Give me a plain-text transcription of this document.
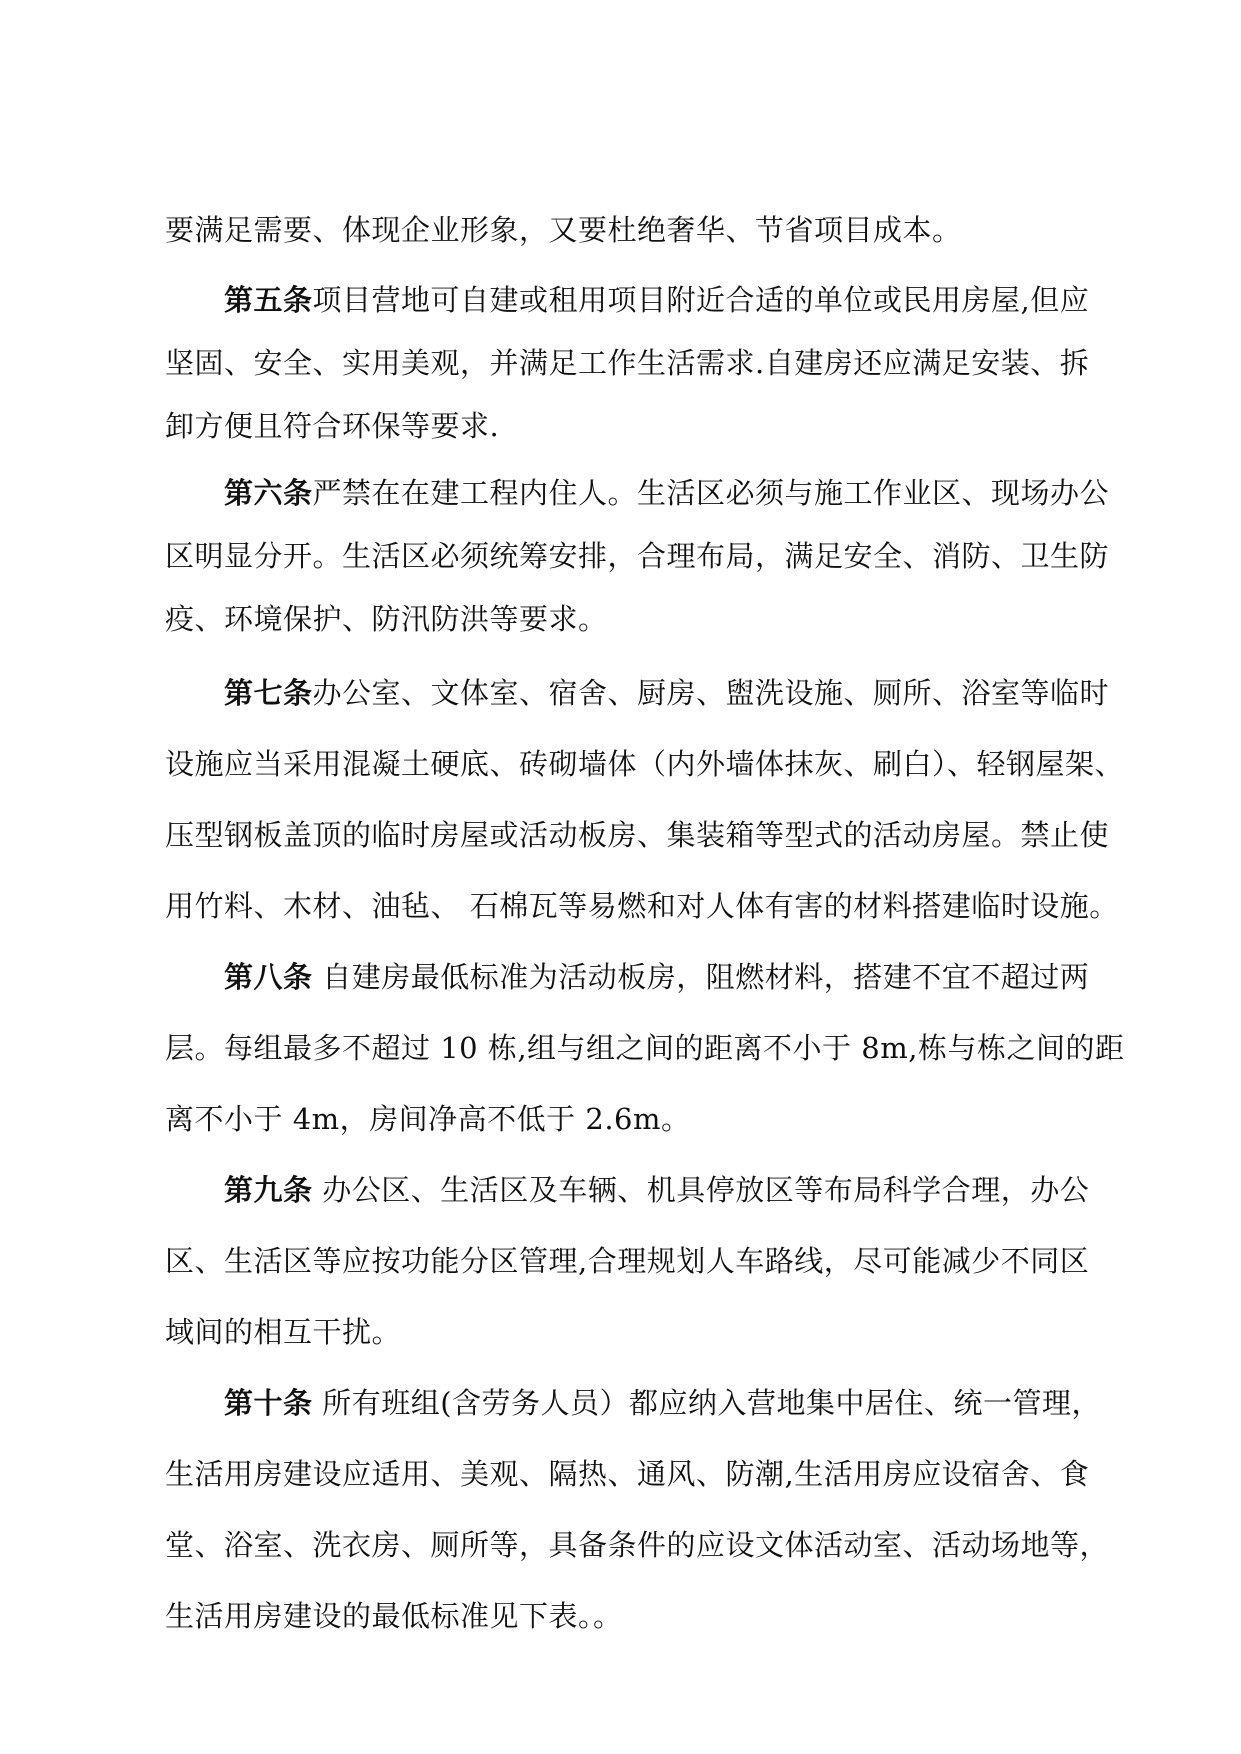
要满足需要、体现企业形象，又要杜绝奢华、节省项目成本。
第五条项目营地可自建或租用项目附近合适的单位或民用房屋,但应
坚固、安全、实用美观，并满足工作生活需求.自建房还应满足安装、拆
卸方便且符合环保等要求.
第六条严禁在在建工程内住人。生活区必须与施工作业区、现场办公
区明显分开。生活区必须统筹安排，合理布局，满足安全、消防、卫生防
疫、环境保护、防汛防洪等要求。
第七条办公室、文体室、宿舍、厨房、盥洗设施、厕所、浴室等临时
设施应当采用混凝土硬底、砖砌墙体（内外墙体抹灰、刷白）、轻钢屋架、
压型钢板盖顶的临时房屋或活动板房、集装箱等型式的活动房屋。禁止使
用竹料、木材、油毡、 石棉瓦等易燃和对人体有害的材料搭建临时设施。
第八条 自建房最低标准为活动板房，阻燃材料，搭建不宜不超过两
层。每组最多不超过 10 栋,组与组之间的距离不小于 8m,栋与栋之间的距
离不小于 4m，房间净高不低于 2.6m。
第九条 办公区、生活区及车辆、机具停放区等布局科学合理，办公
区、生活区等应按功能分区管理,合理规划人车路线，尽可能减少不同区
域间的相互干扰。
第十条 所有班组(含劳务人员）都应纳入营地集中居住、统一管理，
生活用房建设应适用、美观、隔热、通风、防潮,生活用房应设宿舍、食
堂、浴室、洗衣房、厕所等，具备条件的应设文体活动室、活动场地等，
生活用房建设的最低标准见下表。。
